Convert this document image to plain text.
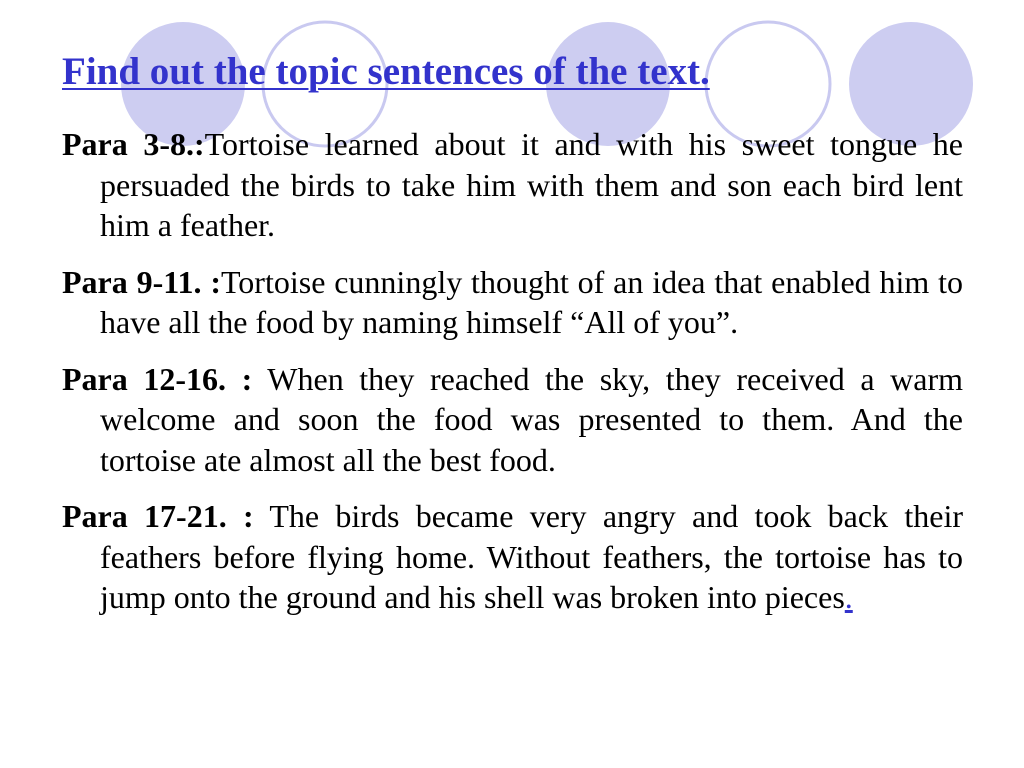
Find out the topic sentences of the text.
Para 3-8.:Tortoise learned about it and with his sweet tongue he persuaded the birds to take him with them and son each bird lent him a feather.
Para 9-11. :Tortoise cunningly thought of an idea that enabled him to have all the food by naming himself “All of you”.
Para 12-16. : When they reached the sky, they received a warm welcome and soon the food was presented to them. And the tortoise ate almost all the best food.
Para 17-21. : The birds became very angry and took back their feathers before flying home. Without feathers, the tortoise has to jump onto the ground and his shell was broken into pieces.
